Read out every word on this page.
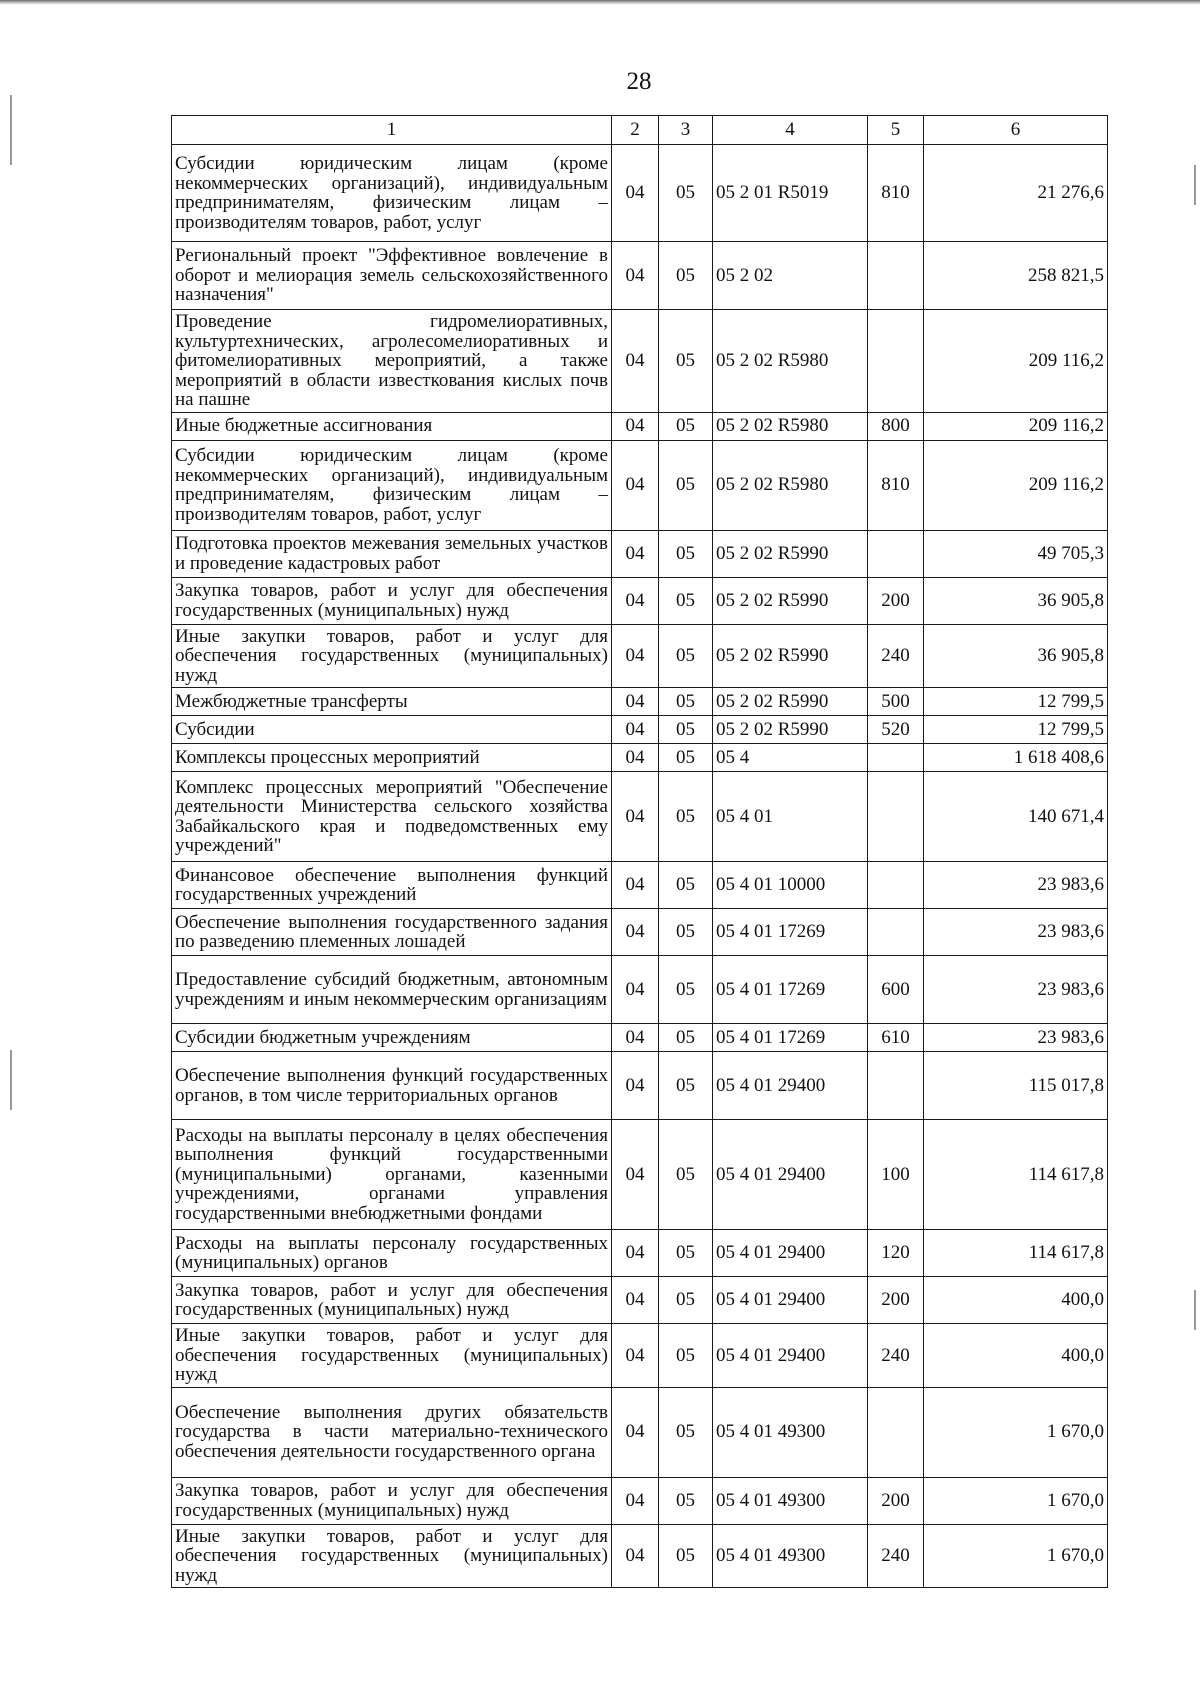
28
1	2	3	4	5	6
Субсидии юридическим лицам (кроме некоммерческих организаций), индивидуальным предпринимателям, физическим лицам – производителям товаров, работ, услуг	04	05	05 2 01 R5019	810	21 276,6
Региональный проект "Эффективное вовлечение в оборот и мелиорация земель сельскохозяйственного назначения"	04	05	05 2 02		258 821,5
Проведение гидромелиоративных, культуртехнических, агролесомелиоративных и фитомелиоративных мероприятий, а также мероприятий в области известкования кислых почв на пашне	04	05	05 2 02 R5980		209 116,2
Иные бюджетные ассигнования	04	05	05 2 02 R5980	800	209 116,2
Субсидии юридическим лицам (кроме некоммерческих организаций), индивидуальным предпринимателям, физическим лицам – производителям товаров, работ, услуг	04	05	05 2 02 R5980	810	209 116,2
Подготовка проектов межевания земельных участков и проведение кадастровых работ	04	05	05 2 02 R5990		49 705,3
Закупка товаров, работ и услуг для обеспечения государственных (муниципальных) нужд	04	05	05 2 02 R5990	200	36 905,8
Иные закупки товаров, работ и услуг для обеспечения государственных (муниципальных) нужд	04	05	05 2 02 R5990	240	36 905,8
Межбюджетные трансферты	04	05	05 2 02 R5990	500	12 799,5
Субсидии	04	05	05 2 02 R5990	520	12 799,5
Комплексы процессных мероприятий	04	05	05 4		1 618 408,6
Комплекс процессных мероприятий "Обеспечение деятельности Министерства сельского хозяйства Забайкальского края и подведомственных ему учреждений"	04	05	05 4 01		140 671,4
Финансовое обеспечение выполнения функций государственных учреждений	04	05	05 4 01 10000		23 983,6
Обеспечение выполнения государственного задания по разведению племенных лошадей	04	05	05 4 01 17269		23 983,6
Предоставление субсидий бюджетным, автономным учреждениям и иным некоммерческим организациям	04	05	05 4 01 17269	600	23 983,6
Субсидии бюджетным учреждениям	04	05	05 4 01 17269	610	23 983,6
Обеспечение выполнения функций государственных органов, в том числе территориальных органов	04	05	05 4 01 29400		115 017,8
Расходы на выплаты персоналу в целях обеспечения выполнения функций государственными (муниципальными) органами, казенными учреждениями, органами управления государственными внебюджетными фондами	04	05	05 4 01 29400	100	114 617,8
Расходы на выплаты персоналу государственных (муниципальных) органов	04	05	05 4 01 29400	120	114 617,8
Закупка товаров, работ и услуг для обеспечения государственных (муниципальных) нужд	04	05	05 4 01 29400	200	400,0
Иные закупки товаров, работ и услуг для обеспечения государственных (муниципальных) нужд	04	05	05 4 01 29400	240	400,0
Обеспечение выполнения других обязательств государства в части материально-технического обеспечения деятельности государственного органа	04	05	05 4 01 49300		1 670,0
Закупка товаров, работ и услуг для обеспечения государственных (муниципальных) нужд	04	05	05 4 01 49300	200	1 670,0
Иные закупки товаров, работ и услуг для обеспечения государственных (муниципальных) нужд	04	05	05 4 01 49300	240	1 670,0
